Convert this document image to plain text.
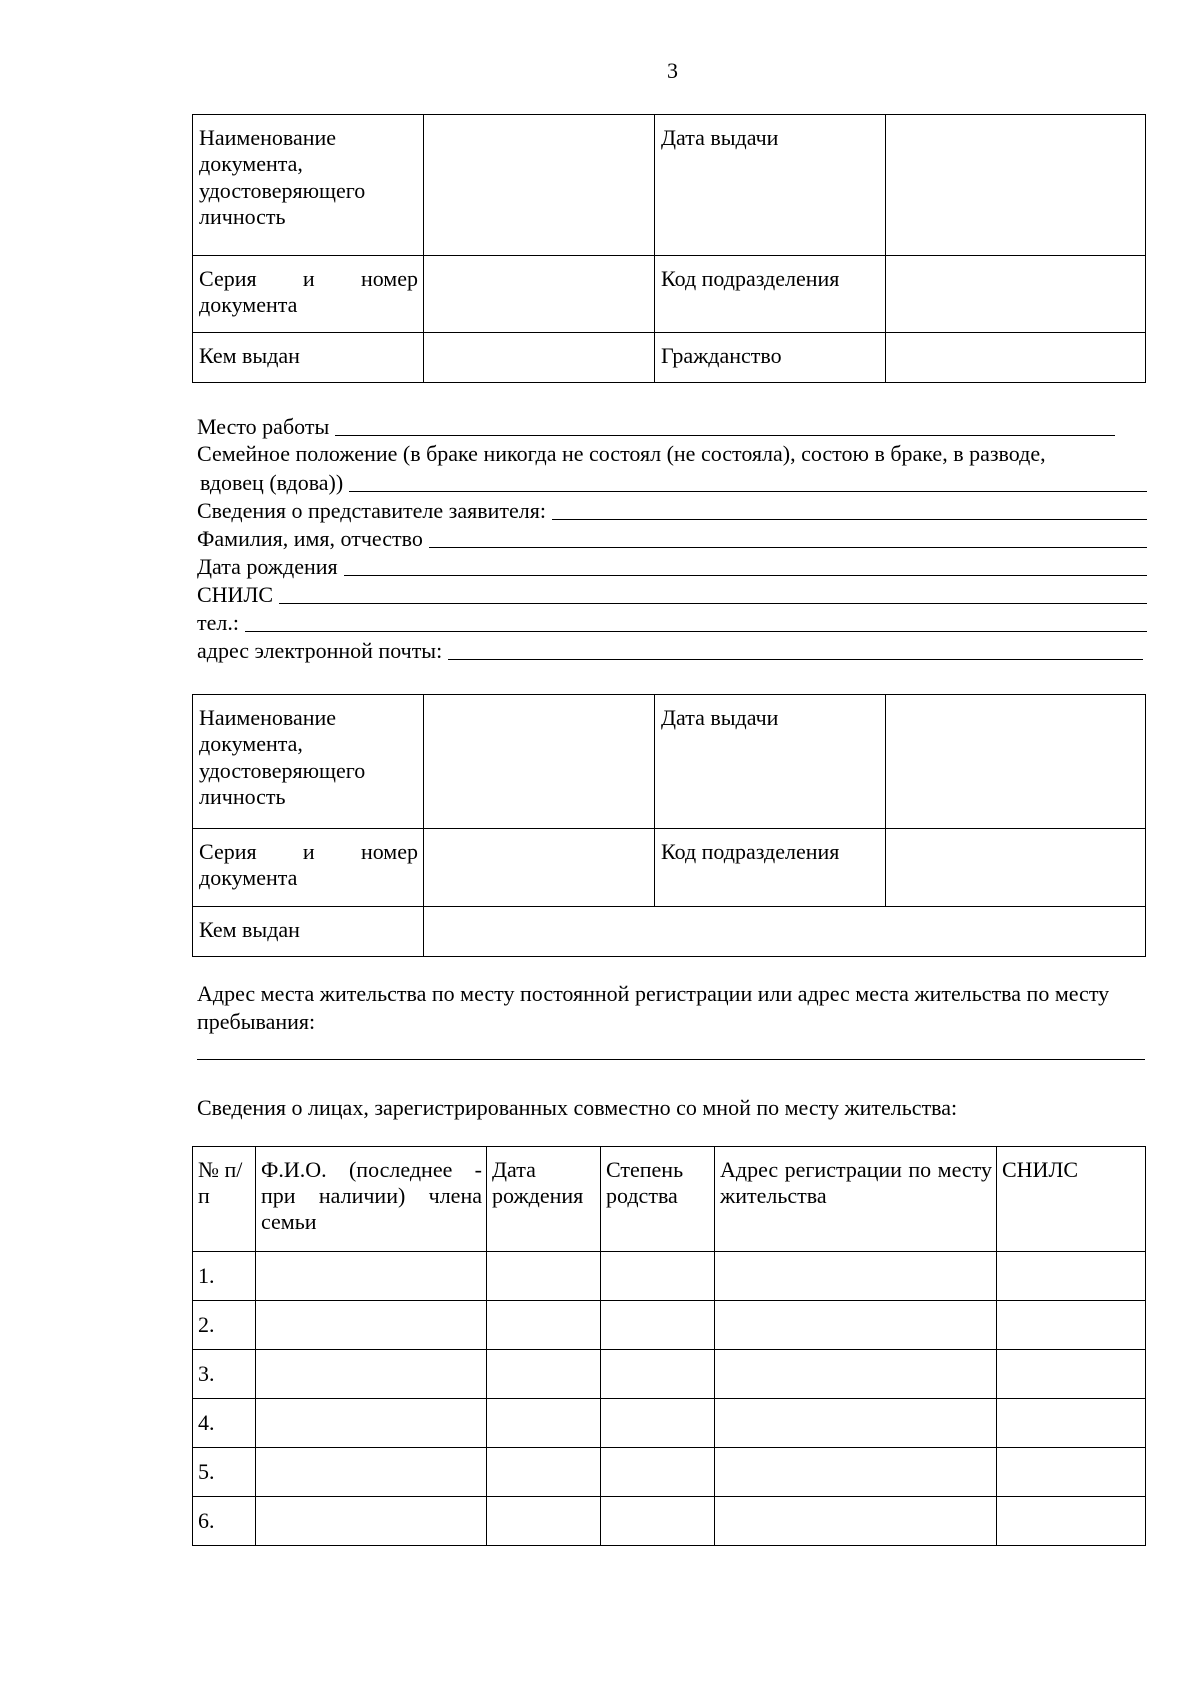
3
Наименование документа, удостоверяющего личность		Дата выдачи	

Серия и номер
документа		Код подразделения	
Кем выдан		Гражданство	
Место работы
Семейное положение (в браке никогда не состоял (не состояла), состою в браке, в разводе,
вдовец (вдова))
Сведения о представителе заявителя:
Фамилия, имя, отчество
Дата рождения
СНИЛС
тел.:
адрес электронной почты:
Наименование документа, удостоверяющего личность		Дата выдачи	

Серия и номер
документа		Код подразделения	
Кем выдан			
Адрес места жительства по месту постоянной регистрации или адрес места жительства по месту пребывания:
Сведения о лицах, зарегистрированных совместно со мной по месту жительства:
№ п/п	Ф.И.О. (последнее - при наличии) члена семьи	Дата рождения	Степень родства	Адрес регистрации по месту жительства	СНИЛС
1.					
2.					
3.					
4.					
5.					
6.					
